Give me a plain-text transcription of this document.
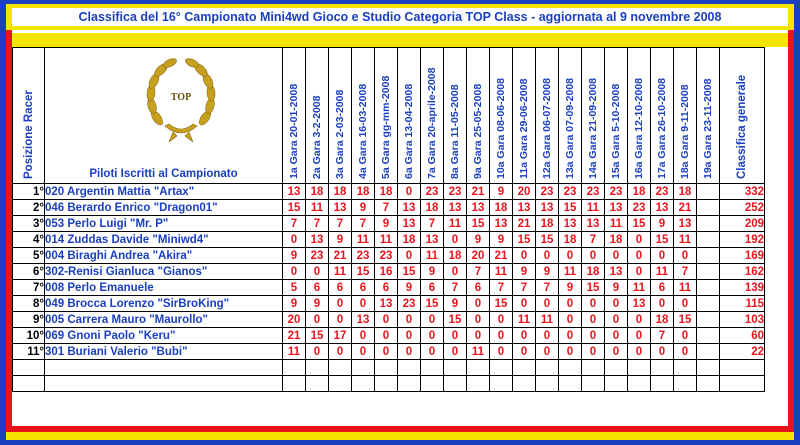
Classifica del 16° Campionato Mini4wd Gioco e Studio Categoria TOP Class - aggiornata al 9 novembre 2008
Posizione Racer	TOP
Piloti Iscritti al Campionato	1a Gara 20-01-2008	2a Gara 3-2-2008	3a Gara 2-03-2008	4a Gara 16-03-2008	5a Gara gg-mm-2008	6a Gara 13-04-2008	7a Gara 20-aprile-2008	8a Gara 11-05-2008	9a Gara 25-05-2008	10a Gara 08-06-2008	11a Gara 29-06-2008	12a Gara 06-07-2008	13a Gara 07-09-2008	14a Gara 21-09-2008	15a Gara 5-10-2008	16a Gara 12-10-2008	17a Gara 26-10-2008	18a Gara 9-11-2008	19a Gara 23-11-2008	Classifica generale

1°	020 Argentin Mattia "Artax"	13	18	18	18	18	0	23	23	21	9	20	23	23	23	23	18	23	18		332
2°	046 Berardo Enrico "Dragon01"	15	11	13	9	7	13	18	13	13	18	13	13	15	11	13	23	13	21		252
3°	053 Perlo Luigi "Mr. P"	7	7	7	7	9	13	7	11	15	13	21	18	13	13	11	15	9	13		209
4°	014 Zuddas Davide "Miniwd4"	0	13	9	11	11	18	13	0	9	9	15	15	18	7	18	0	15	11		192
5°	004 Biraghi Andrea "Akira"	9	23	21	23	23	0	11	18	20	21	0	0	0	0	0	0	0	0		169
6°	302-Renisi Gianluca "Gianos"	0	0	11	15	16	15	9	0	7	11	9	9	11	18	13	0	11	7		162
7°	008 Perlo Emanuele	5	6	6	6	6	9	6	7	6	7	7	7	9	15	9	11	6	11		139
8°	049 Brocca Lorenzo "SirBroKing"	9	9	0	0	13	23	15	9	0	15	0	0	0	0	0	13	0	0		115
9°	005 Carrera Mauro "Maurollo"	20	0	0	13	0	0	0	15	0	0	11	11	0	0	0	0	18	15		103
10°	069 Gnoni Paolo "Keru"	21	15	17	0	0	0	0	0	0	0	0	0	0	0	0	0	7	0		60
11°	301 Buriani Valerio "Bubi"	11	0	0	0	0	0	0	0	11	0	0	0	0	0	0	0	0	0		22
